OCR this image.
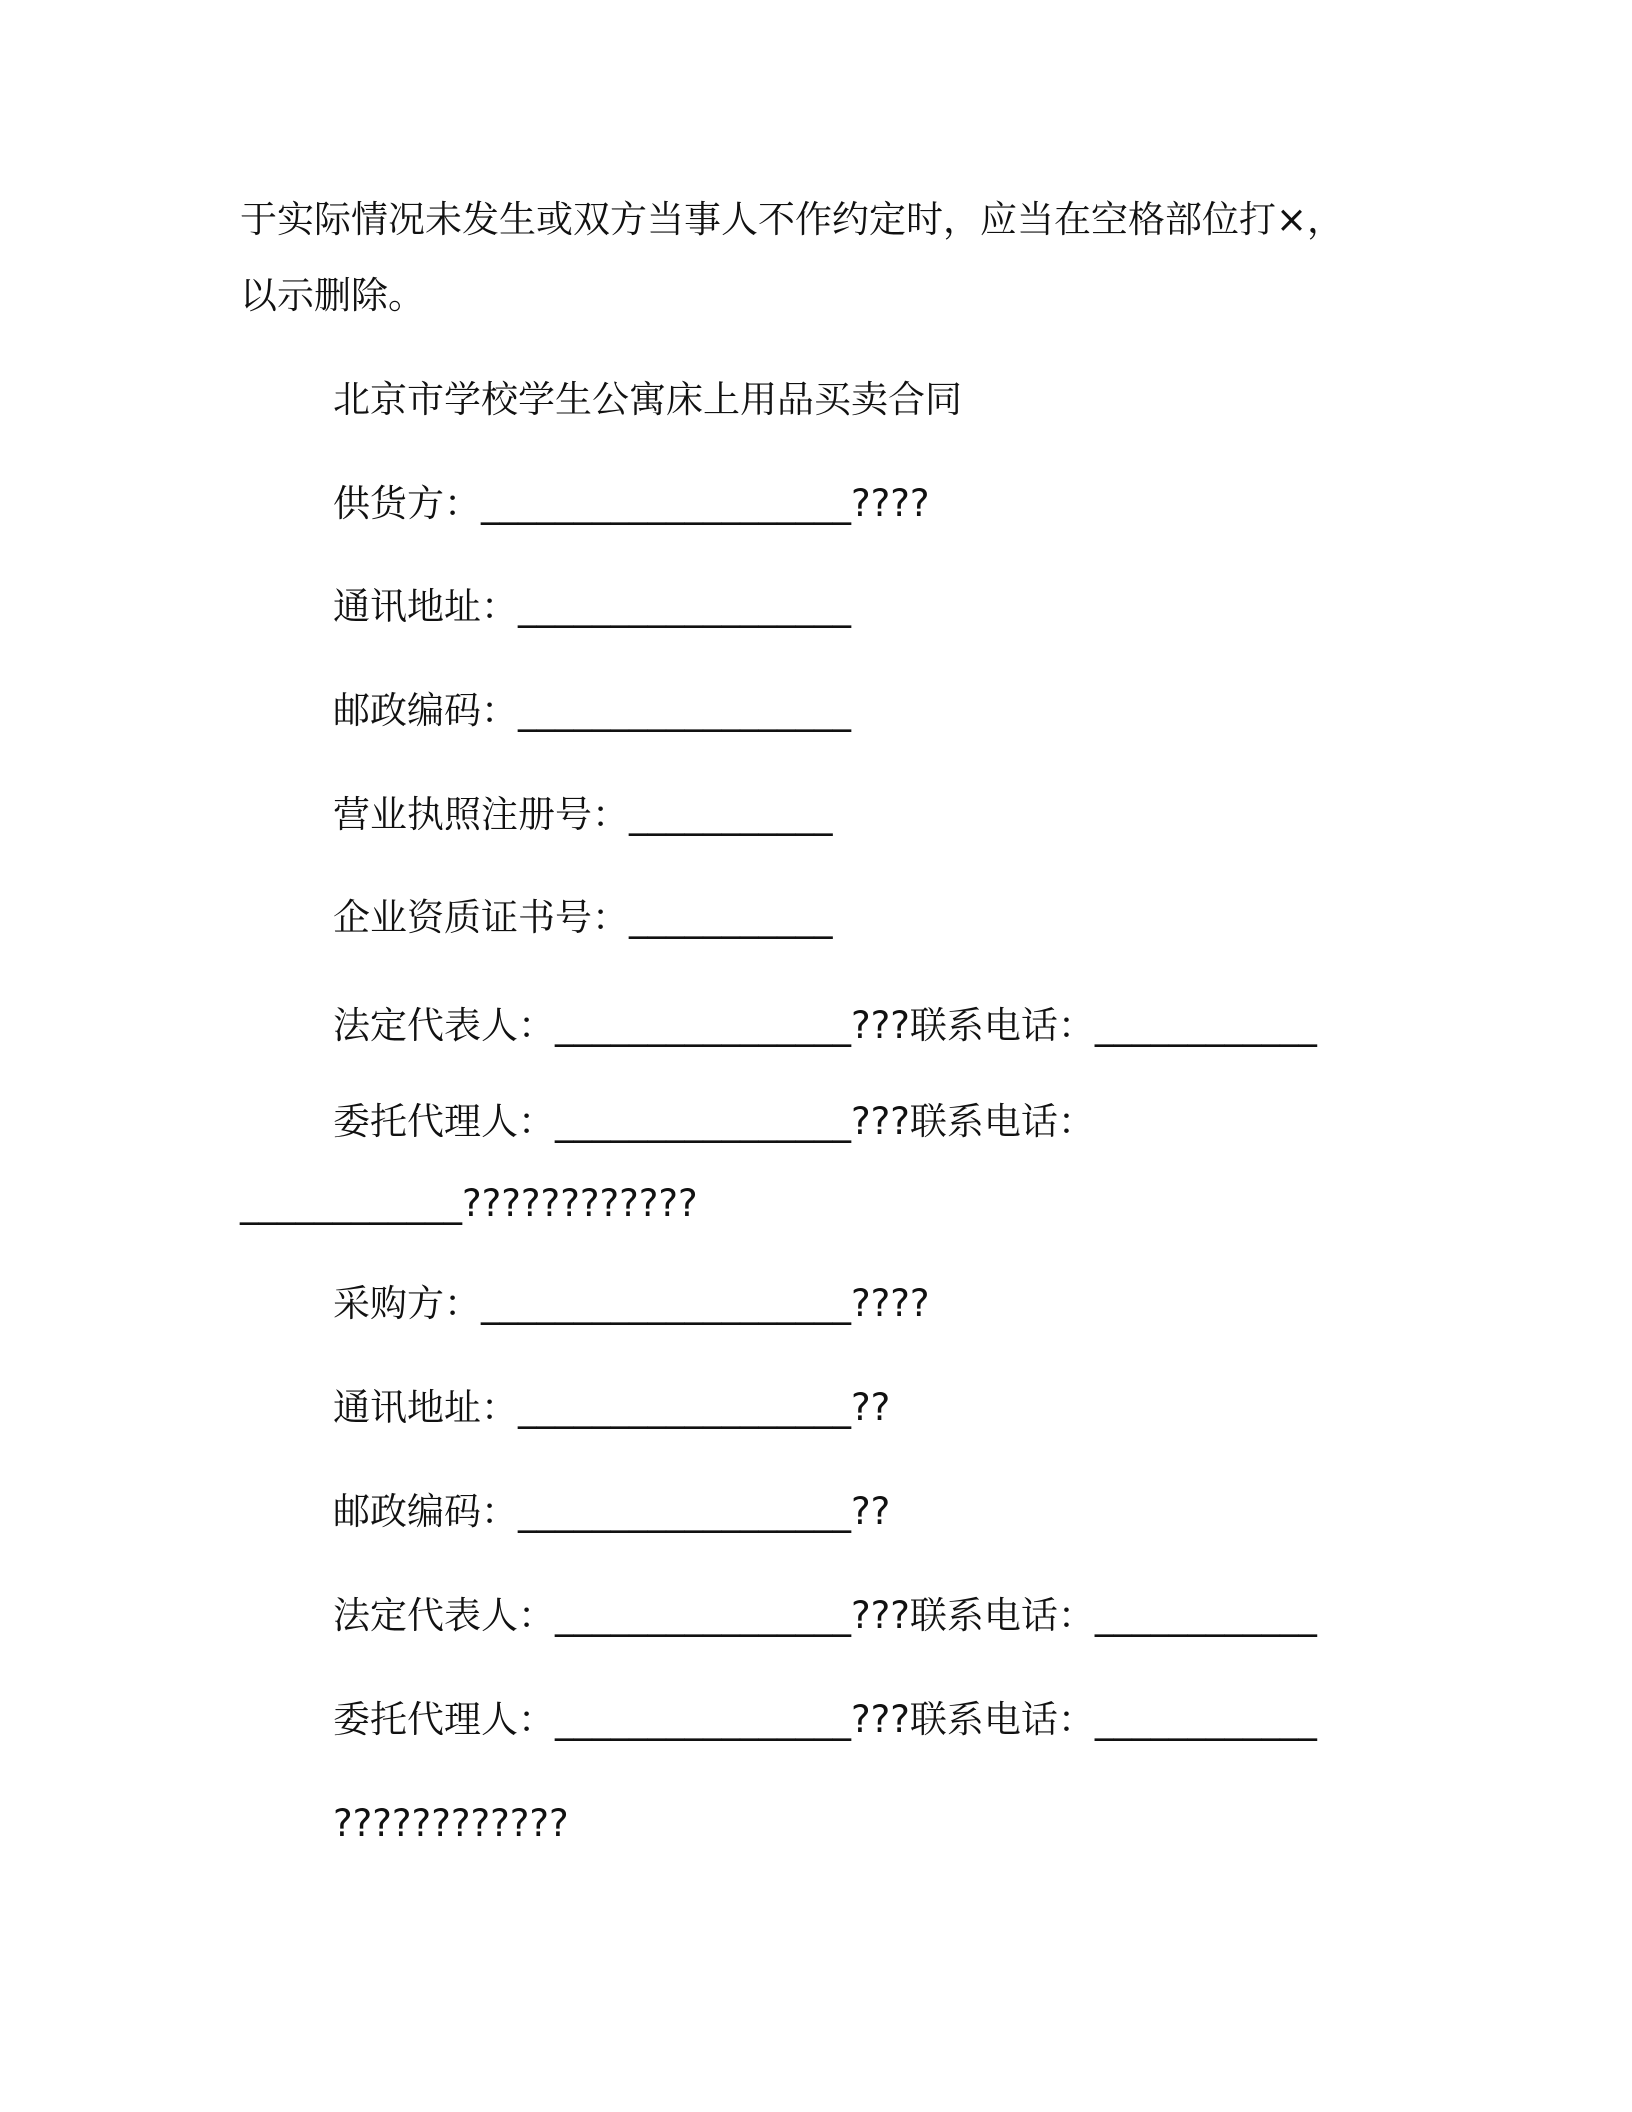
于实际情况未发生或双方当事人不作约定时，应当在空格部位打×，
以示删除。
北京市学校学生公寓床上用品买卖合同
供货方：____________________????
通讯地址：__________________
邮政编码：__________________
营业执照注册号：___________
企业资质证书号：___________
法定代表人：________________???联系电话：____________
委托代理人：________________???联系电话：
____________????????????
采购方：____________________????
通讯地址：__________________??
邮政编码：__________________??
法定代表人：________________???联系电话：____________
委托代理人：________________???联系电话：____________
????????????
